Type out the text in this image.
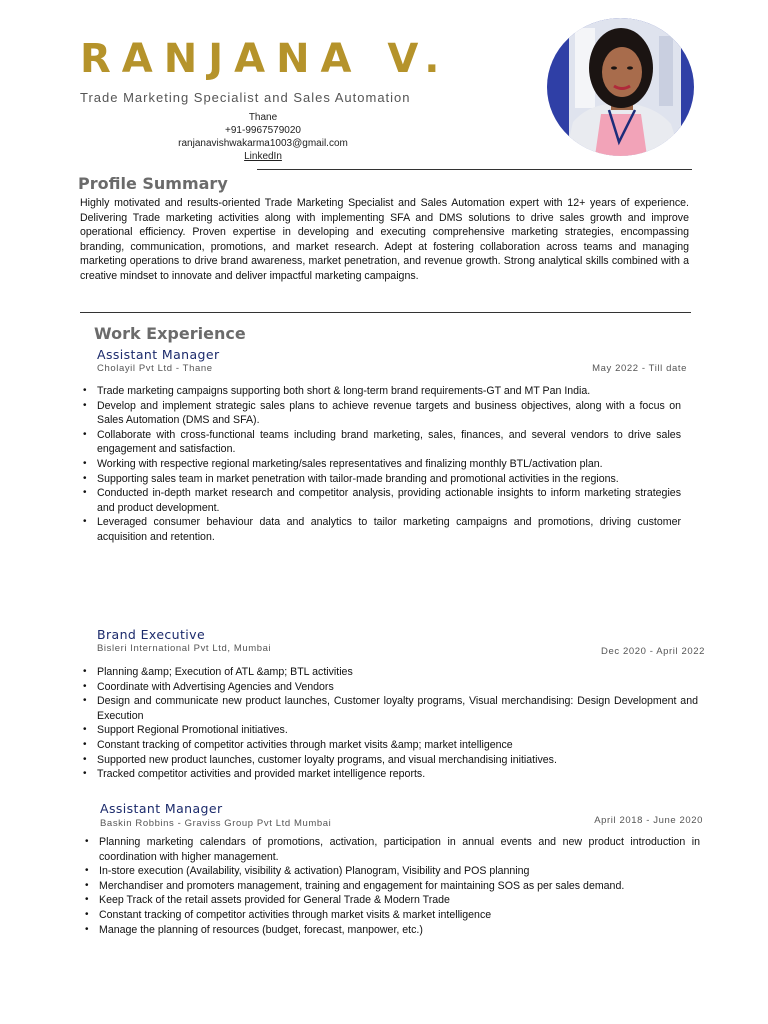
RANJANA V.
Trade Marketing Specialist and Sales Automation
Thane
+91-9967579020
ranjanavishwakarma1003@gmail.com
LinkedIn
Profile Summary
Highly motivated and results-oriented Trade Marketing Specialist and Sales Automation expert with 12+ years of experience. Delivering Trade marketing activities along with implementing SFA and DMS solutions to drive sales growth and improve operational efficiency. Proven expertise in developing and executing comprehensive marketing strategies, encompassing branding, communication, promotions, and market research. Adept at fostering collaboration across teams and managing marketing operations to drive brand awareness, market penetration, and revenue growth. Strong analytical skills combined with a creative mindset to innovate and deliver impactful marketing campaigns.
Work Experience
Assistant Manager
Cholayil Pvt Ltd - Thane	May 2022 - Till date
• Trade marketing campaigns supporting both short & long-term brand requirements-GT and MT Pan India.
• Develop and implement strategic sales plans to achieve revenue targets and business objectives, along with a focus on Sales Automation (DMS and SFA).
• Collaborate with cross-functional teams including brand marketing, sales, finances, and several vendors to drive sales engagement and satisfaction.
• Working with respective regional marketing/sales representatives and finalizing monthly BTL/activation plan.
• Supporting sales team in market penetration with tailor-made branding and promotional activities in the regions.
• Conducted in-depth market research and competitor analysis, providing actionable insights to inform marketing strategies and product development.
• Leveraged consumer behaviour data and analytics to tailor marketing campaigns and promotions, driving customer acquisition and retention.
Brand Executive
Bisleri International Pvt Ltd, Mumbai	Dec 2020 - April 2022
• Planning &amp; Execution of ATL &amp; BTL activities
• Coordinate with Advertising Agencies and Vendors
• Design and communicate new product launches, Customer loyalty programs, Visual merchandising: Design Development and Execution
• Support Regional Promotional initiatives.
• Constant tracking of competitor activities through market visits &amp; market intelligence
• Supported new product launches, customer loyalty programs, and visual merchandising initiatives.
• Tracked competitor activities and provided market intelligence reports.
Assistant Manager
Baskin Robbins - Graviss Group Pvt Ltd Mumbai	April 2018 - June 2020
• Planning marketing calendars of promotions, activation, participation in annual events and new product introduction in coordination with higher management.
• In-store execution (Availability, visibility & activation) Planogram, Visibility and POS planning
• Merchandiser and promoters management, training and engagement for maintaining SOS as per sales demand.
• Keep Track of the retail assets provided for General Trade & Modern Trade
• Constant tracking of competitor activities through market visits & market intelligence
• Manage the planning of resources (budget, forecast, manpower, etc.)
